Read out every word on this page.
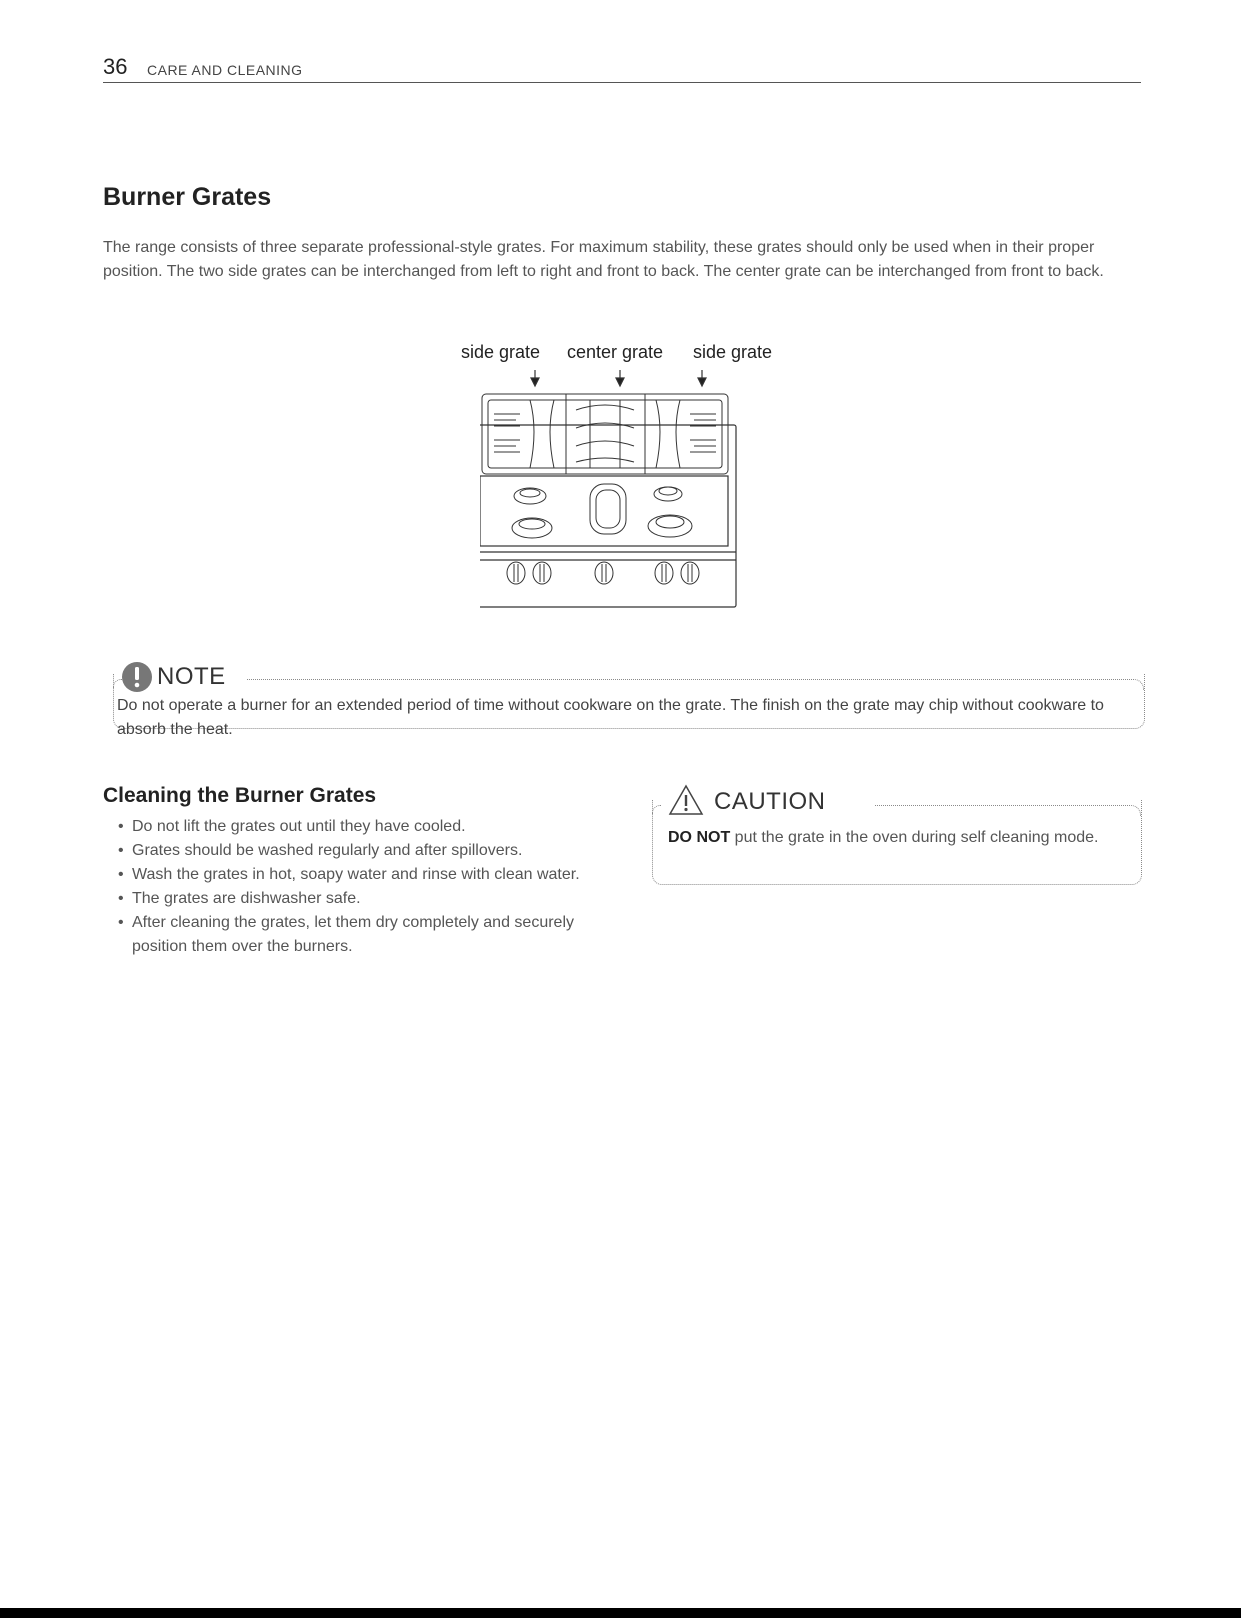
36 CARE AND CLEANING
Burner Grates

The range consists of three separate professional-style grates. For maximum stability, these grates should only be used when in their proper position. The two side grates can be interchanged from left to right and front to back. The center grate can be interchanged from front to back.

side grate center grate side grate
NOTE

Do not operate a burner for an extended period of time without cookware on the grate. The finish on the grate may chip without cookware to absorb the heat.

Cleaning the Burner Grates
• Do not lift the grates out until they have cooled.
• Grates should be washed regularly and after spillovers.
• Wash the grates in hot, soapy water and rinse with clean water.
• The grates are dishwasher safe.
• After cleaning the grates, let them dry completely and securely position them over the burners.
CAUTION

DO NOT put the grate in the oven during self cleaning mode.
